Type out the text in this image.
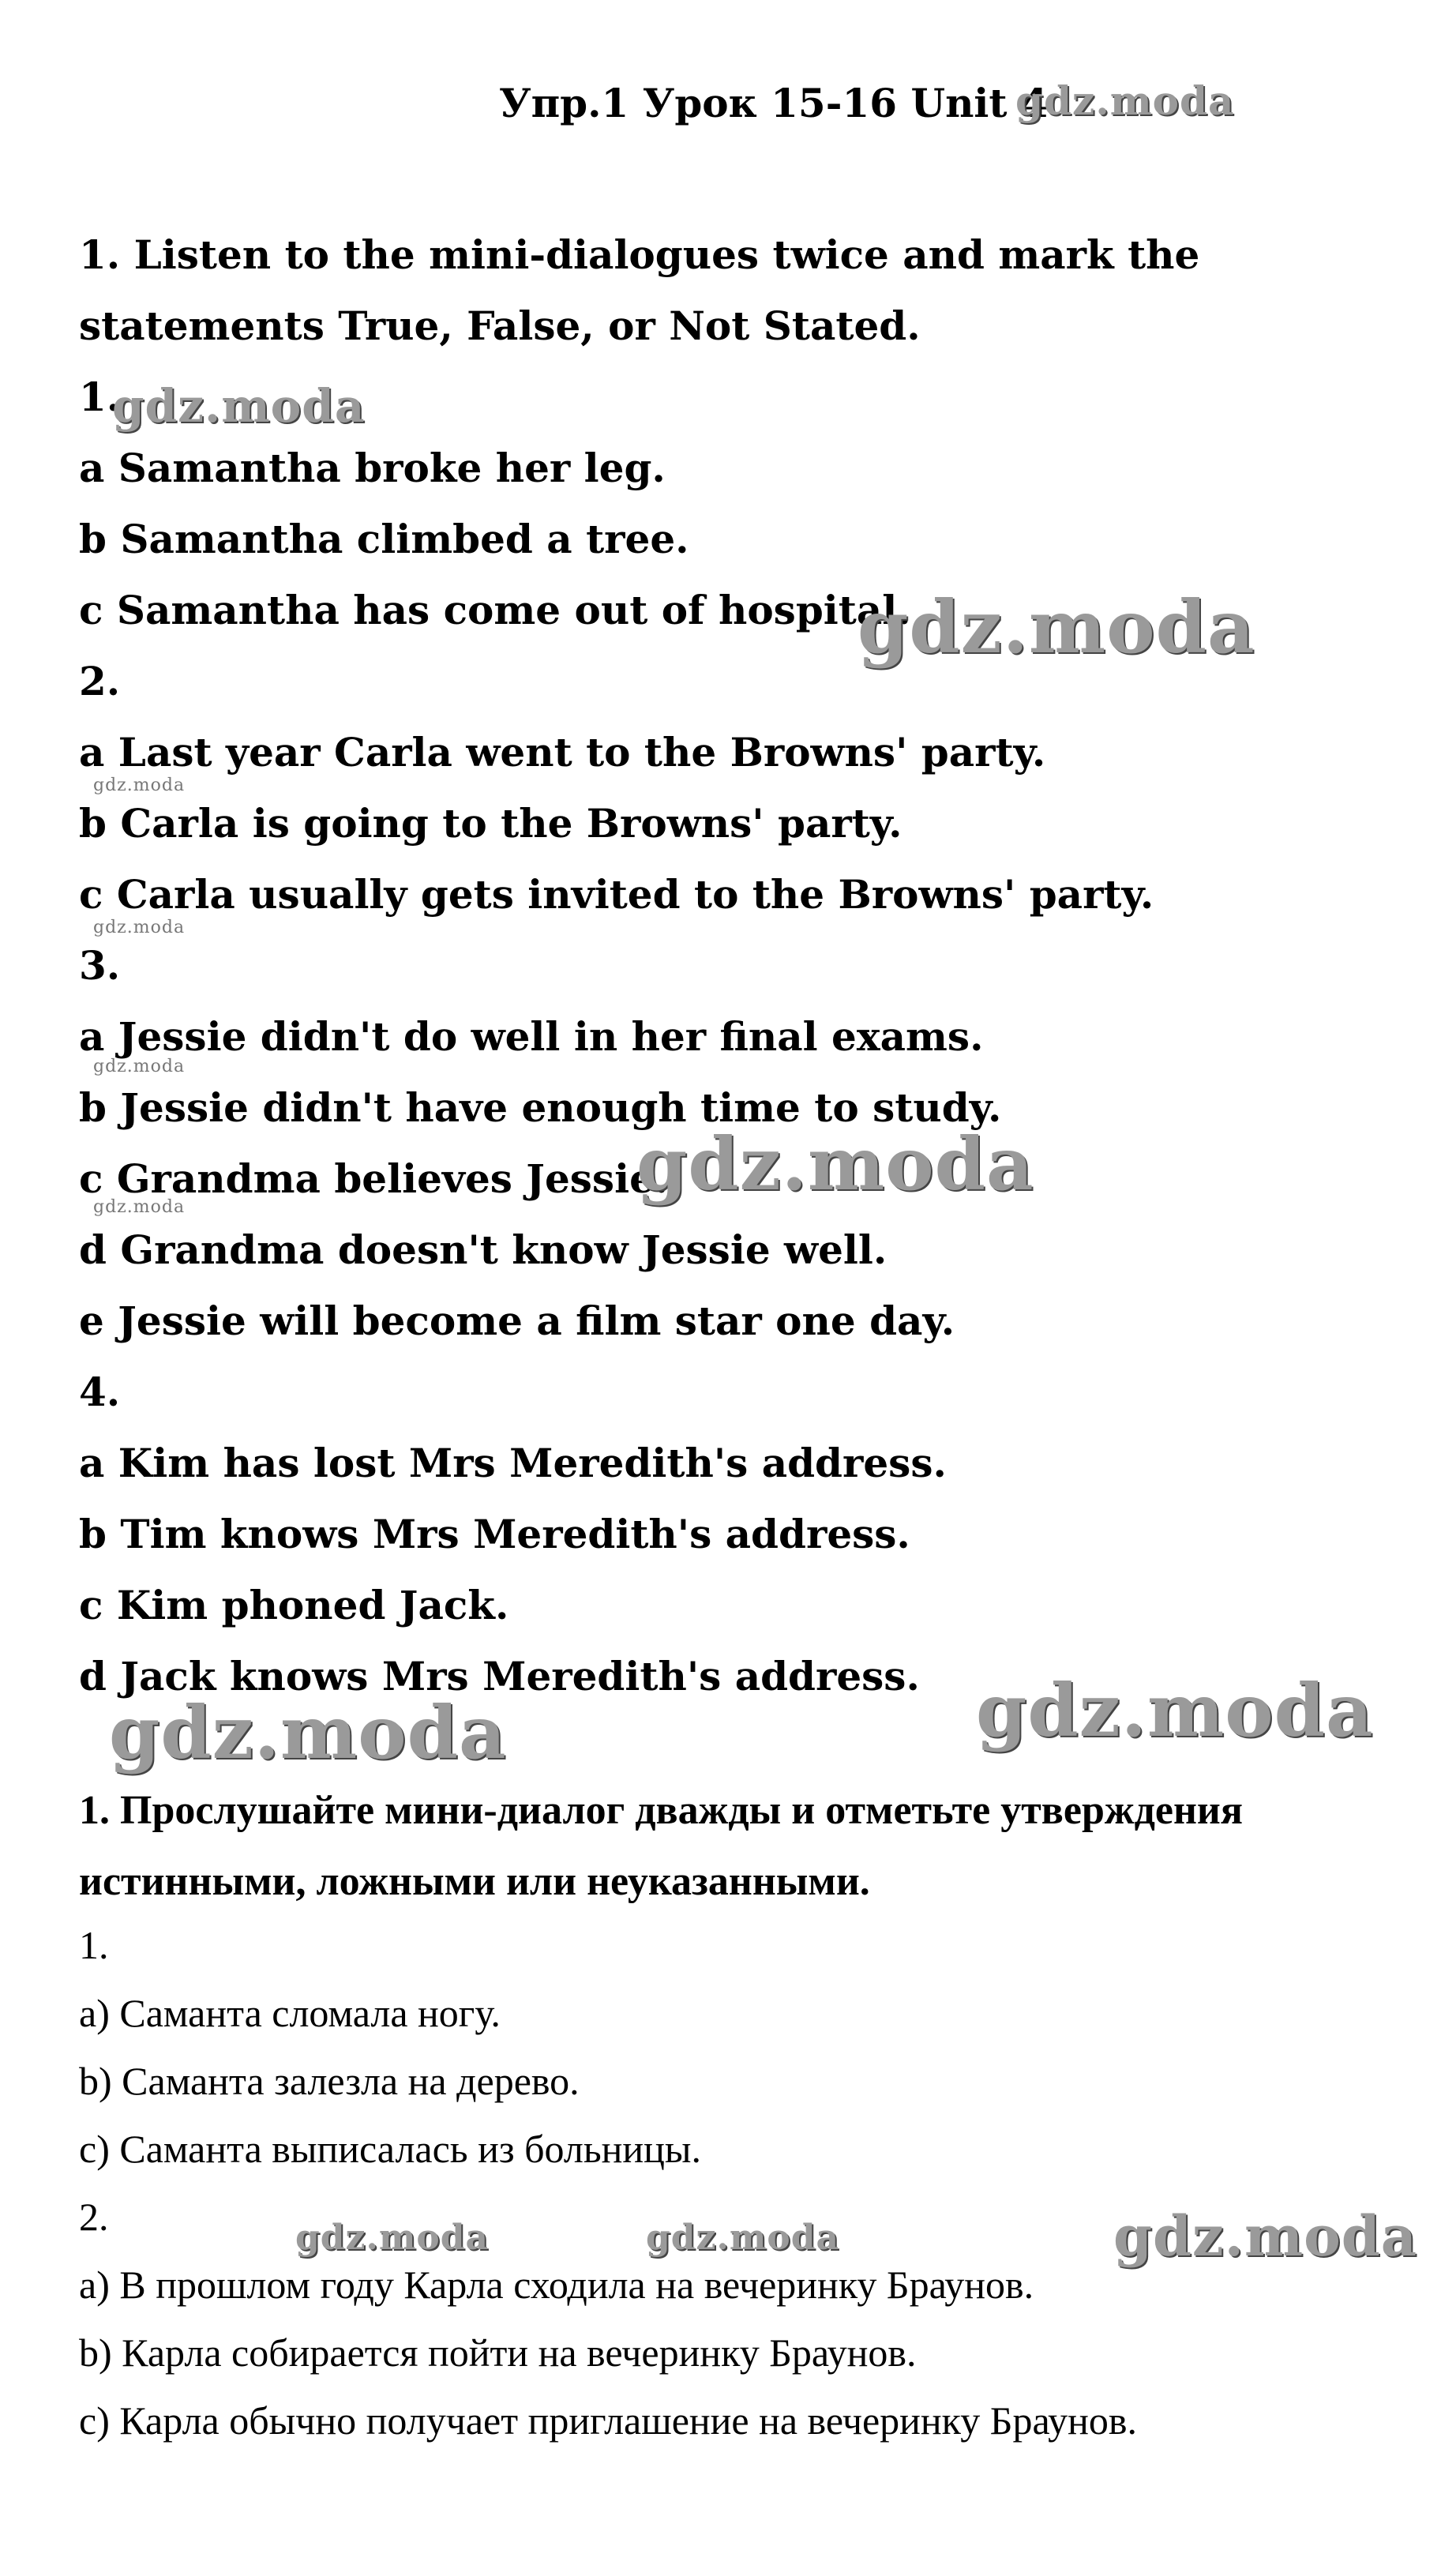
Упр.1 Урок 15-16 Unit 4
1. Listen to the mini-dialogues twice and mark the statements True, False, or Not Stated.
1.
a Samantha broke her leg.
b Samantha climbed a tree.
c Samantha has come out of hospital.
2.
a Last year Carla went to the Browns' party.
b Carla is going to the Browns' party.
c Carla usually gets invited to the Browns' party.
3.
a Jessie didn't do well in her final exams.
b Jessie didn't have enough time to study.
c Grandma believes Jessie.
d Grandma doesn't know Jessie well.
e Jessie will become a film star one day.
4.
a Kim has lost Mrs Meredith's address.
b Tim knows Mrs Meredith's address.
c Kim phoned Jack.
d Jack knows Mrs Meredith's address.
1. Прослушайте мини-диалог дважды и отметьте утверждения истинными, ложными или неуказанными.
1.
a) Саманта сломала ногу.
b) Саманта залезла на дерево.
c) Саманта выписалась из больницы.
2.
a) В прошлом году Карла сходила на вечеринку Браунов.
b) Карла собирается пойти на вечеринку Браунов.
c) Карла обычно получает приглашение на вечеринку Браунов.
gdz.moda
gdz.moda
gdz.moda
gdz.moda
gdz.moda
gdz.moda
gdz.moda
gdz.moda
gdz.moda	gdz.moda
gdz.moda	gdz.moda	gdz.moda
